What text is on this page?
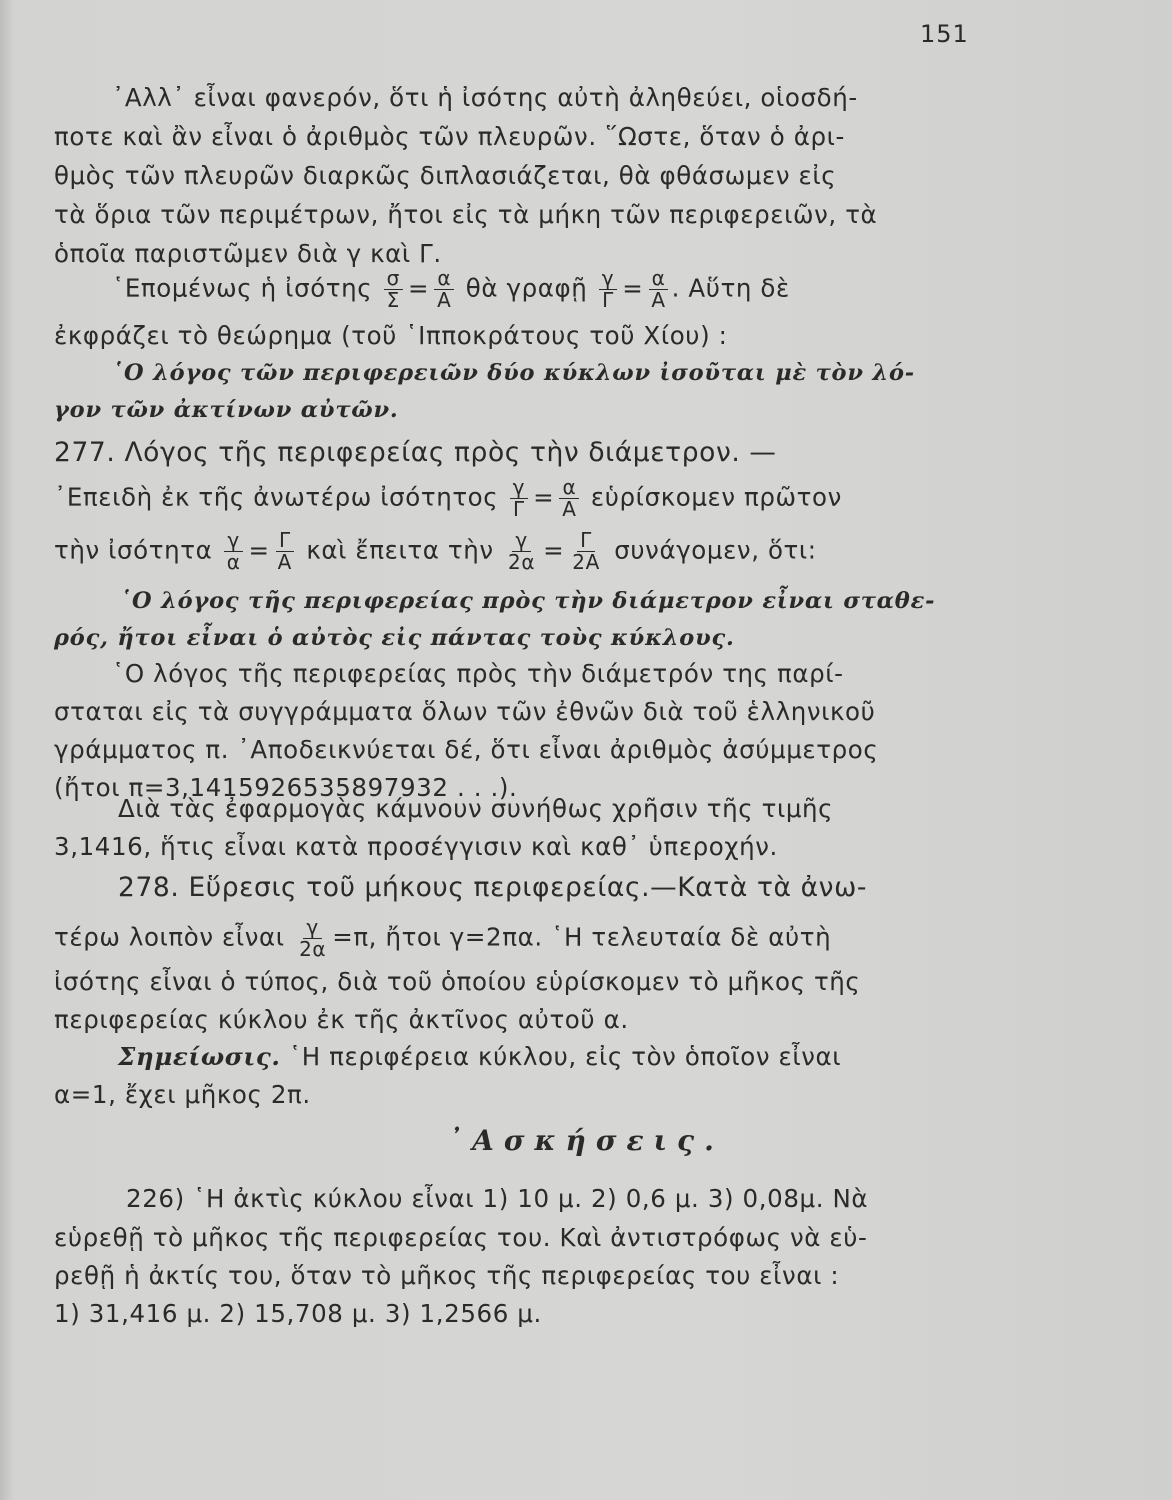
151
᾿Αλλ᾿ εἶναι φανερόν, ὅτι ἡ ἰσότης αὐτὴ ἀληθεύει, οἱοσδή-
ποτε καὶ ἂν εἶναι ὁ ἀριθμὸς τῶν πλευρῶν. ῞Ωστε, ὅταν ὁ ἀρι-
θμὸς τῶν πλευρῶν διαρκῶς διπλασιάζεται, θὰ φθάσωμεν εἰς
τὰ ὅρια τῶν περιμέτρων, ἤτοι εἰς τὰ μήκη τῶν περιφερειῶν, τὰ
ὁποῖα παριστῶμεν διὰ γ καὶ Γ.
῾Επομένως ἡ ἰσότης $\frac{\sigma}{\Sigma} = \frac{\alpha}{A}$ θὰ γραφῇ $\frac{\gamma}{\Gamma} = \frac{\alpha}{A}$ . Αὕτη δὲ
ἐκφράζει τὸ θεώρημα (τοῦ ῾Ιπποκράτους τοῦ Χίου) :
῾Ο λόγος τῶν περιφερειῶν δύο κύκλων ἰσοῦται μὲ τὸν λό-
γον τῶν ἀκτίνων αὐτῶν.
277. Λόγος τῆς περιφερείας πρὸς τὴν διάμετρον. —
᾿Επειδὴ ἐκ τῆς ἀνωτέρω ἰσότητος $\frac{\gamma}{\Gamma} = \frac{\alpha}{A}$ εὑρίσκομεν πρῶτον
τὴν ἰσότητα $\frac{\gamma}{\alpha} = \frac{\Gamma}{A}$ καὶ ἔπειτα τὴν $\frac{\gamma}{2\alpha} = \frac{\Gamma}{2A} \sigma\upsilon\nu ά\gamma o\mu\varepsilon\nu$, ὅτι:
῾Ο λόγος τῆς περιφερείας πρὸς τὴν διάμετρον εἶναι σταθε-
ρός, ἤτοι εἶναι ὁ αὐτὸς εἰς πάντας τοὺς κύκλους.
῾Ο λόγος τῆς περιφερείας πρὸς τὴν διάμετρόν της παρί-
σταται εἰς τὰ συγγράμματα ὅλων τῶν ἐθνῶν διὰ τοῦ ἑλληνικοῦ
γράμματος π. ᾿Αποδεικνύεται δέ, ὅτι εἶναι ἀριθμὸς ἀσύμμετρος
(ἤτοι π=3,1415926535897932 . . .).
Διὰ τὰς ἐφαρμογὰς κάμνουν συνήθως χρῆσιν τῆς τιμῆς
3,1416, ἥτις εἶναι κατὰ προσέγγισιν καὶ καθ᾿ ὑπεροχήν.
278. Εὕρεσις τοῦ μήκους περιφερείας.—Κατὰ τὰ ἀνω-
τέρω λοιπὸν εἶναι $\frac{\gamma}{2\alpha} =\pi$, ἤτοι γ=2πα. ῾Η τελευταία δὲ αὐτὴ
ἰσότης εἶναι ὁ τύπος, διὰ τοῦ ὁποίου εὑρίσκομεν τὸ μῆκος τῆς
περιφερείας κύκλου ἐκ τῆς ἀκτῖνος αὐτοῦ α.
Σημείωσις. ῾Η περιφέρεια κύκλου, εἰς τὸν ὁποῖον εἶναι
α=1, ἔχει μῆκος 2π.
᾿Ασκήσεις.
226) ῾Η ἀκτὶς κύκλου εἶναι 1) 10 μ. 2) 0,6 μ. 3) 0,08μ. Νὰ
εὑρεθῇ τὸ μῆκος τῆς περιφερείας του. Καὶ ἀντιστρόφως νὰ εὑ-
ρεθῇ ἡ ἀκτίς του, ὅταν τὸ μῆκος τῆς περιφερείας του εἶναι :
1) 31,416 μ. 2) 15,708 μ. 3) 1,2566 μ.
